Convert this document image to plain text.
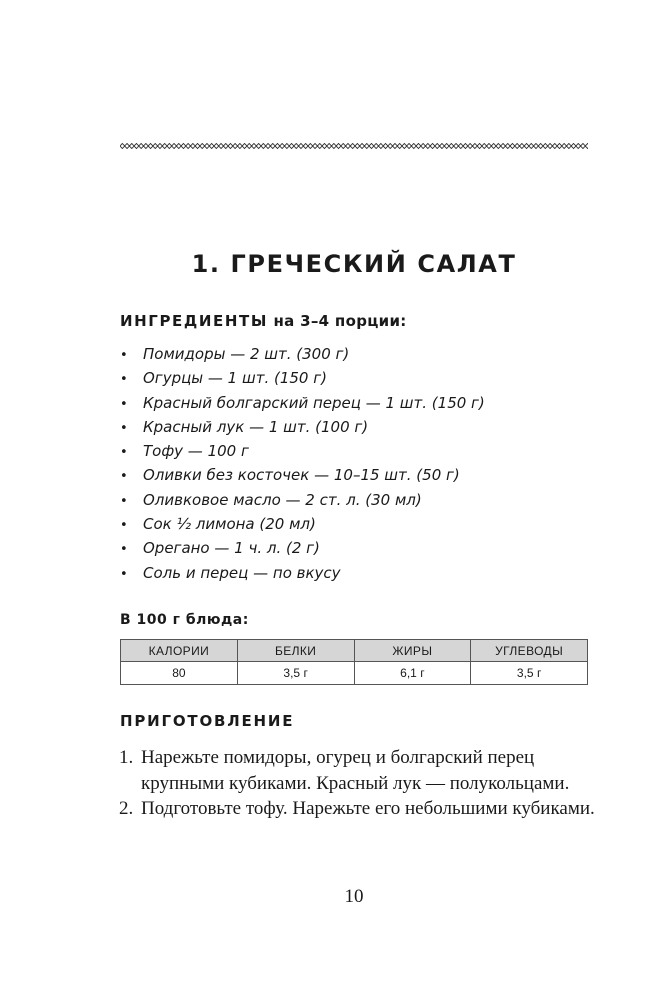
1. ГРЕЧЕСКИЙ САЛАТ
ИНГРЕДИЕНТЫ на 3–4 порции:
• Помидоры — 2 шт. (300 г)
• Огурцы — 1 шт. (150 г)
• Красный болгарский перец — 1 шт. (150 г)
• Красный лук — 1 шт. (100 г)
• Тофу — 100 г
• Оливки без косточек — 10–15 шт. (50 г)
• Оливковое масло — 2 ст. л. (30 мл)
• Сок ½ лимона (20 мл)
• Орегано — 1 ч. л. (2 г)
• Соль и перец — по вкусу
В 100 г блюда:
КАЛОРИИ	БЕЛКИ	ЖИРЫ	УГЛЕВОДЫ
80	3,5 г	6,1 г	3,5 г
ПРИГОТОВЛЕНИЕ
1. Нарежьте помидоры, огурец и болгарский перец крупными кубиками. Красный лук — полукольцами.
2. Подготовьте тофу. Нарежьте его небольшими кубиками.
10
